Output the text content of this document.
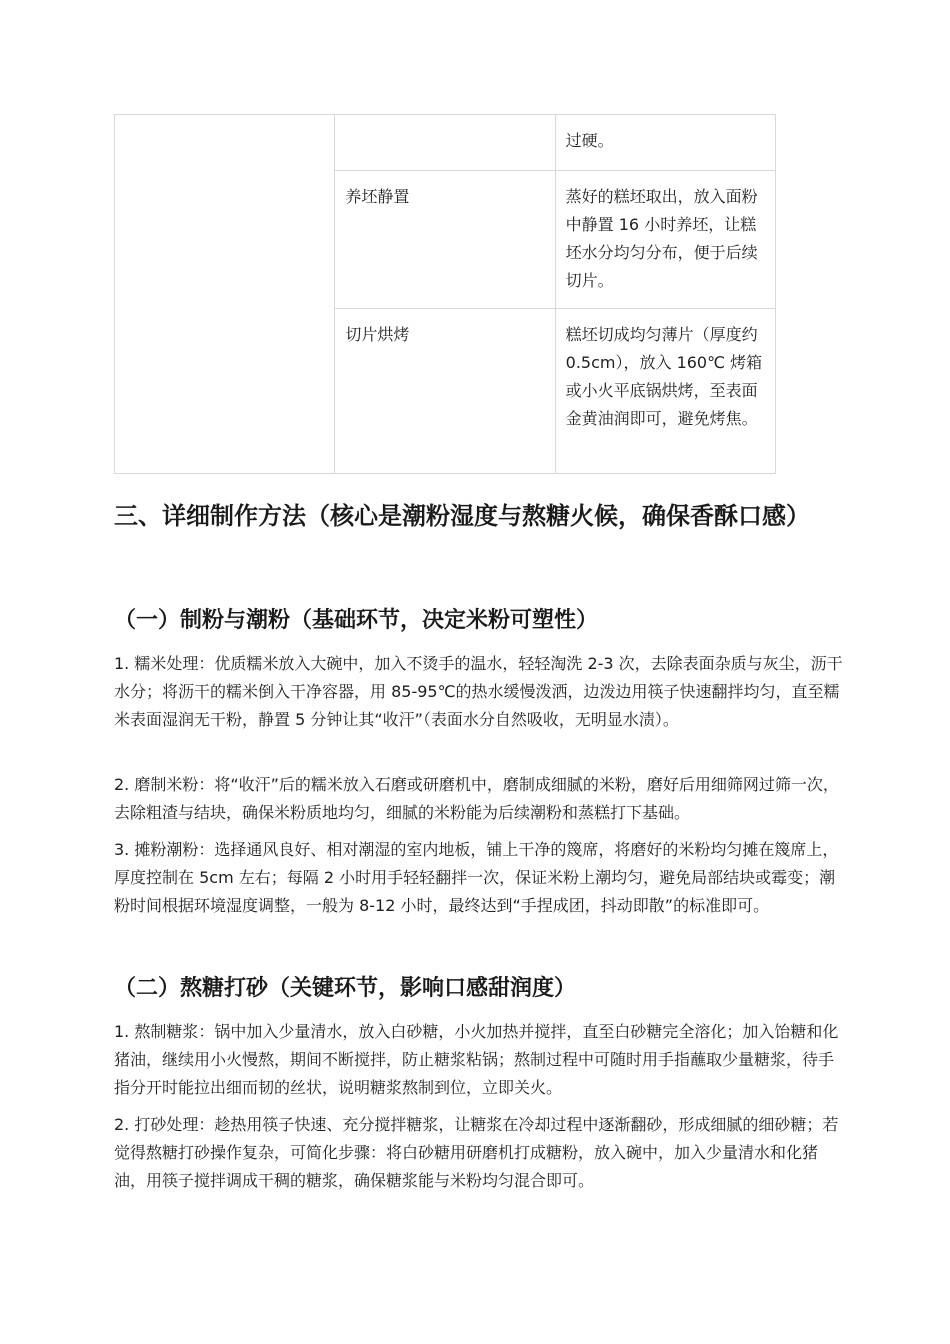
		过硬。
	养坯静置	蒸好的糕坯取出，放入面粉中静置 16 小时养坯，让糕坯水分均匀分布，便于后续切片。
	切片烘烤	糕坯切成均匀薄片（厚度约 0.5cm），放入 160℃ 烤箱或小火平底锅烘烤，至表面金黄油润即可，避免烤焦。
三、详细制作方法（核心是潮粉湿度与熬糖火候，确保香酥口感）
（一）制粉与潮粉（基础环节，决定米粉可塑性）

1. 糯米处理：优质糯米放入大碗中，加入不烫手的温水，轻轻淘洗 2-3 次，去除表面杂质与灰尘，沥干水分；将沥干的糯米倒入干净容器，用 85-95℃的热水缓慢泼洒，边泼边用筷子快速翻拌均匀，直至糯米表面湿润无干粉，静置 5 分钟让其“收汗”（表面水分自然吸收，无明显水渍）。

2. 磨制米粉：将“收汗”后的糯米放入石磨或研磨机中，磨制成细腻的米粉，磨好后用细筛网过筛一次，去除粗渣与结块，确保米粉质地均匀，细腻的米粉能为后续潮粉和蒸糕打下基础。

3. 摊粉潮粉：选择通风良好、相对潮湿的室内地板，铺上干净的篾席，将磨好的米粉均匀摊在篾席上，厚度控制在 5cm 左右；每隔 2 小时用手轻轻翻拌一次，保证米粉上潮均匀，避免局部结块或霉变；潮粉时间根据环境湿度调整，一般为 8-12 小时，最终达到“手捏成团，抖动即散”的标准即可。

（二）熬糖打砂（关键环节，影响口感甜润度）

1. 熬制糖浆：锅中加入少量清水，放入白砂糖，小火加热并搅拌，直至白砂糖完全溶化；加入饴糖和化猪油，继续用小火慢熬，期间不断搅拌，防止糖浆粘锅；熬制过程中可随时用手指蘸取少量糖浆，待手指分开时能拉出细而韧的丝状，说明糖浆熬制到位，立即关火。

2. 打砂处理：趁热用筷子快速、充分搅拌糖浆，让糖浆在冷却过程中逐渐翻砂，形成细腻的细砂糖；若觉得熬糖打砂操作复杂，可简化步骤：将白砂糖用研磨机打成糖粉，放入碗中，加入少量清水和化猪油，用筷子搅拌调成干稠的糖浆，确保糖浆能与米粉均匀混合即可。
